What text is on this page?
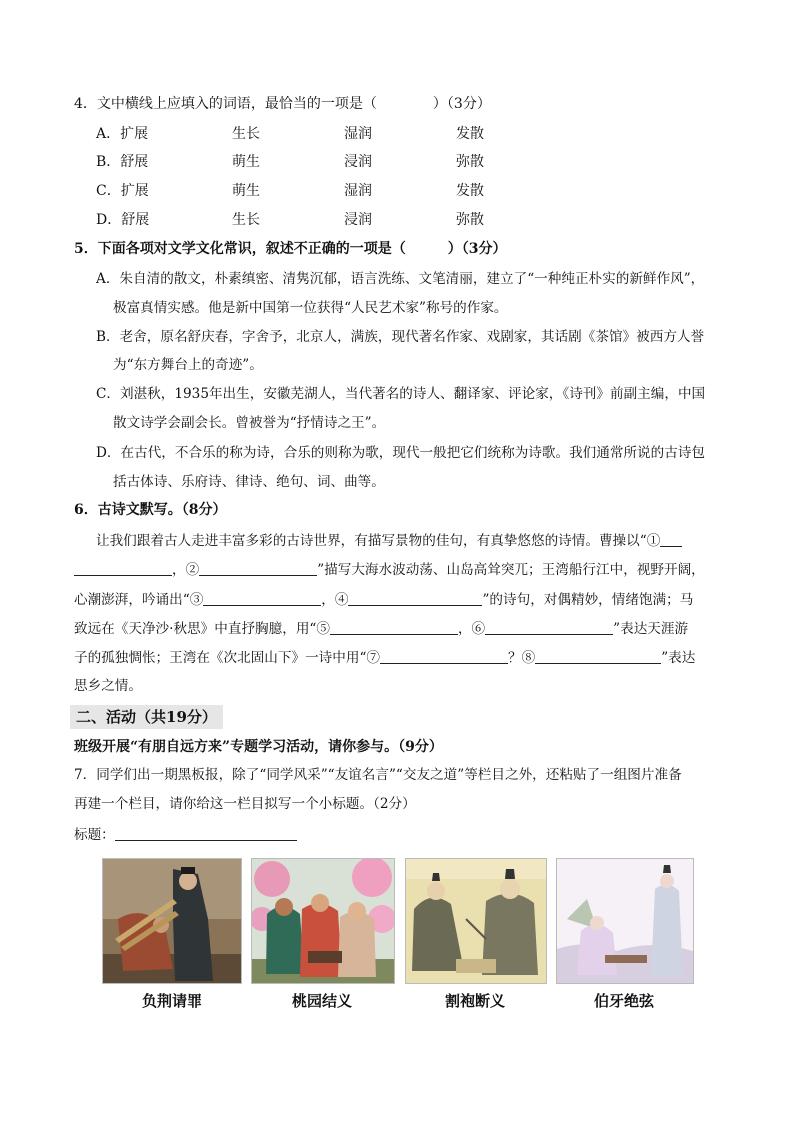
4．文中横线上应填入的词语，最恰当的一项是（　　　　）（3分）
A．扩展	生长	湿润	发散
B．舒展	萌生	浸润	弥散
C．扩展	萌生	湿润	发散
D．舒展	生长	浸润	弥散
5．下面各项对文学文化常识，叙述不正确的一项是（　　　）（3分）
A．朱自清的散文，朴素缜密、清隽沉郁，语言洗练、文笔清丽，建立了“一种纯正朴实的新鲜作风”，
极富真情实感。他是新中国第一位获得“人民艺术家”称号的作家。
B．老舍，原名舒庆春，字舍予，北京人，满族，现代著名作家、戏剧家，其话剧《茶馆》被西方人誉
为“东方舞台上的奇迹”。
C．刘湛秋，1935年出生，安徽芜湖人，当代著名的诗人、翻译家、评论家，《诗刊》前副主编，中国
散文诗学会副会长。曾被誉为“抒情诗之王”。
D．在古代，不合乐的称为诗，合乐的则称为歌，现代一般把它们统称为诗歌。我们通常所说的古诗包
括古体诗、乐府诗、律诗、绝句、词、曲等。
6．古诗文默写。（8分）
让我们跟着古人走进丰富多彩的古诗世界，有描写景物的佳句，有真挚悠悠的诗情。曹操以“①
，②	”描写大海水波动荡、山岛高耸突兀；王湾船行江中，视野开阔，
心潮澎湃，吟诵出“③	，④	”的诗句，对偶精妙，情绪饱满；马
致远在《天净沙·秋思》中直抒胸臆，用“⑤	，⑥	”表达天涯游
子的孤独惆怅；王湾在《次北固山下》一诗中用“⑦	？⑧	”表达
思乡之情。
二、活动（共19分）
班级开展“有朋自远方来”专题学习活动，请你参与。（9分）
7．同学们出一期黑板报，除了“同学风采”“友谊名言”“交友之道”等栏目之外，还粘贴了一组图片准备
再建一个栏目，请你给这一栏目拟写一个小标题。（2分）
标题：
负荆请罪	桃园结义	割袍断义	伯牙绝弦
